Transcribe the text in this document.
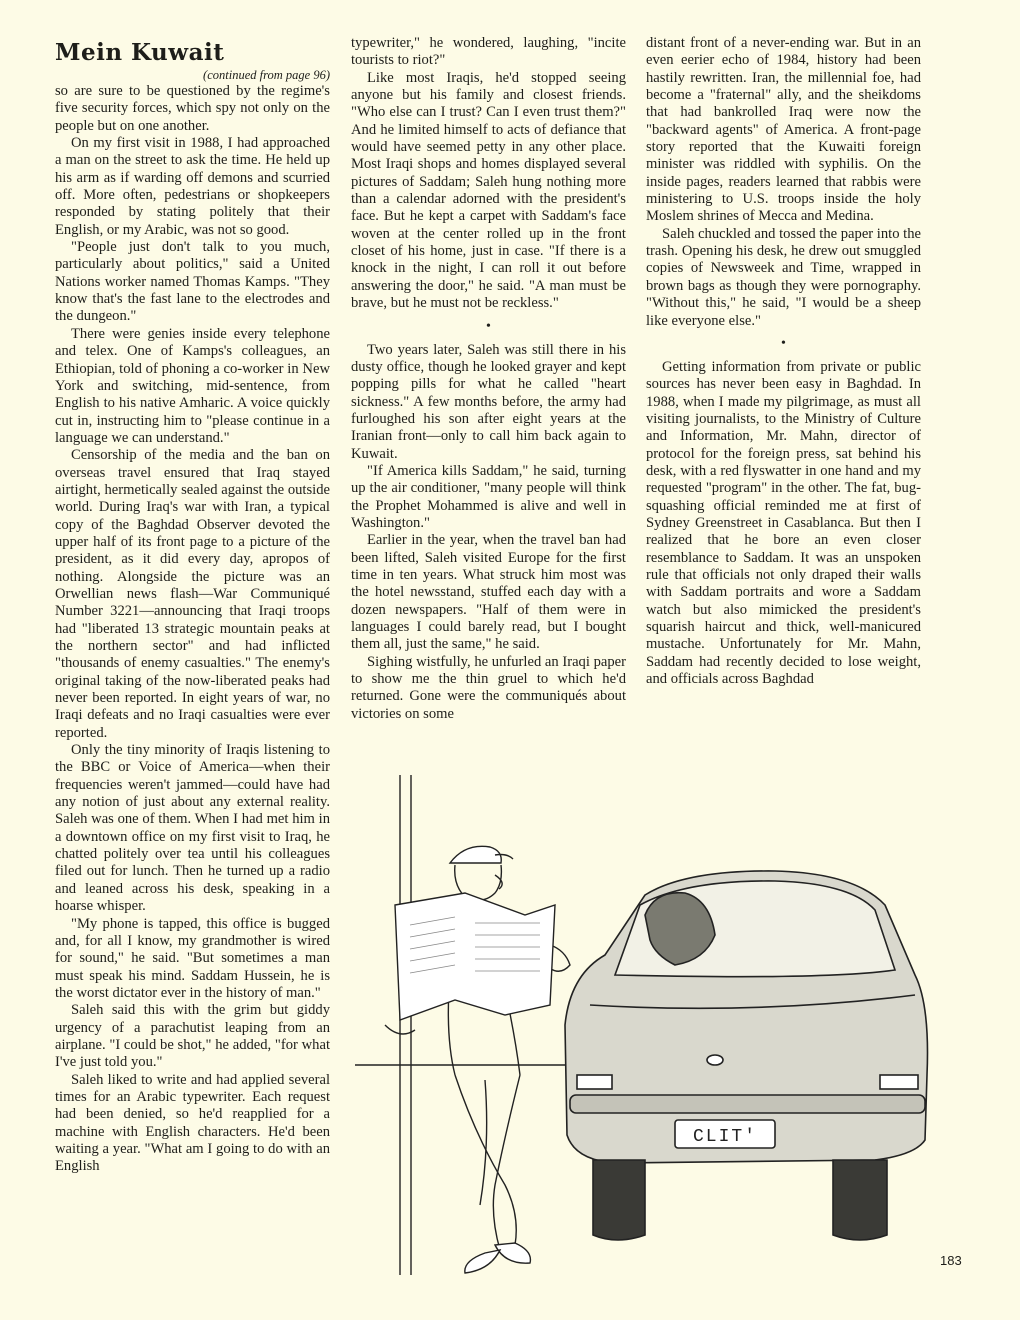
Mein Kuwait
(continued from page 96)

so are sure to be questioned by the regime's five security forces, which spy not only on the people but on one another.

On my first visit in 1988, I had approached a man on the street to ask the time. He held up his arm as if warding off demons and scurried off. More often, pedestrians or shopkeepers responded by stating politely that their English, or my Arabic, was not so good.

"People just don't talk to you much, particularly about politics," said a United Nations worker named Thomas Kamps. "They know that's the fast lane to the electrodes and the dungeon."

There were genies inside every telephone and telex. One of Kamps's colleagues, an Ethiopian, told of phoning a co-worker in New York and switching, mid-sentence, from English to his native Amharic. A voice quickly cut in, instructing him to "please continue in a language we can understand."

Censorship of the media and the ban on overseas travel ensured that Iraq stayed airtight, hermetically sealed against the outside world. During Iraq's war with Iran, a typical copy of the Baghdad Observer devoted the upper half of its front page to a picture of the president, as it did every day, apropos of nothing. Alongside the picture was an Orwellian news flash—War Communiqué Number 3221—announcing that Iraqi troops had "liberated 13 strategic mountain peaks at the northern sector" and had inflicted "thousands of enemy casualties." The enemy's original taking of the now-liberated peaks had never been reported. In eight years of war, no Iraqi defeats and no Iraqi casualties were ever reported.

Only the tiny minority of Iraqis listening to the BBC or Voice of America—when their frequencies weren't jammed—could have had any notion of just about any external reality. Saleh was one of them. When I had met him in a downtown office on my first visit to Iraq, he chatted politely over tea until his colleagues filed out for lunch. Then he turned up a radio and leaned across his desk, speaking in a hoarse whisper.

"My phone is tapped, this office is bugged and, for all I know, my grandmother is wired for sound," he said. "But sometimes a man must speak his mind. Saddam Hussein, he is the worst dictator ever in the history of man."

Saleh said this with the grim but giddy urgency of a parachutist leaping from an airplane. "I could be shot," he added, "for what I've just told you."

Saleh liked to write and had applied several times for an Arabic typewriter. Each request had been denied, so he'd reapplied for a machine with English characters. He'd been waiting a year. "What am I going to do with an English

typewriter," he wondered, laughing, "incite tourists to riot?"

Like most Iraqis, he'd stopped seeing anyone but his family and closest friends. "Who else can I trust? Can I even trust them?" And he limited himself to acts of defiance that would have seemed petty in any other place. Most Iraqi shops and homes displayed several pictures of Saddam; Saleh hung nothing more than a calendar adorned with the president's face. But he kept a carpet with Saddam's face woven at the center rolled up in the front closet of his home, just in case. "If there is a knock in the night, I can roll it out before answering the door," he said. "A man must be brave, but he must not be reckless."

•

Two years later, Saleh was still there in his dusty office, though he looked grayer and kept popping pills for what he called "heart sickness." A few months before, the army had furloughed his son after eight years at the Iranian front—only to call him back again to Kuwait.

"If America kills Saddam," he said, turning up the air conditioner, "many people will think the Prophet Mohammed is alive and well in Washington."

Earlier in the year, when the travel ban had been lifted, Saleh visited Europe for the first time in ten years. What struck him most was the hotel newsstand, stuffed each day with a dozen newspapers. "Half of them were in languages I could barely read, but I bought them all, just the same," he said.

Sighing wistfully, he unfurled an Iraqi paper to show me the thin gruel to which he'd returned. Gone were the communiqués about victories on some

distant front of a never-ending war. But in an even eerier echo of 1984, history had been hastily rewritten. Iran, the millennial foe, had become a "fraternal" ally, and the sheikdoms that had bankrolled Iraq were now the "backward agents" of America. A front-page story reported that the Kuwaiti foreign minister was riddled with syphilis. On the inside pages, readers learned that rabbis were ministering to U.S. troops inside the holy Moslem shrines of Mecca and Medina.

Saleh chuckled and tossed the paper into the trash. Opening his desk, he drew out smuggled copies of Newsweek and Time, wrapped in brown bags as though they were pornography. "Without this," he said, "I would be a sheep like everyone else."

•

Getting information from private or public sources has never been easy in Baghdad. In 1988, when I made my pilgrimage, as must all visiting journalists, to the Ministry of Culture and Information, Mr. Mahn, director of protocol for the foreign press, sat behind his desk, with a red flyswatter in one hand and my requested "program" in the other. The fat, bug-squashing official reminded me at first of Sydney Greenstreet in Casablanca. But then I realized that he bore an even closer resemblance to Saddam. It was an unspoken rule that officials not only draped their walls with Saddam portraits and wore a Saddam watch but also mimicked the president's squarish haircut and thick, well-manicured mustache. Unfortunately for Mr. Mahn, Saddam had recently decided to lose weight, and officials across Baghdad

CLIT'
183
